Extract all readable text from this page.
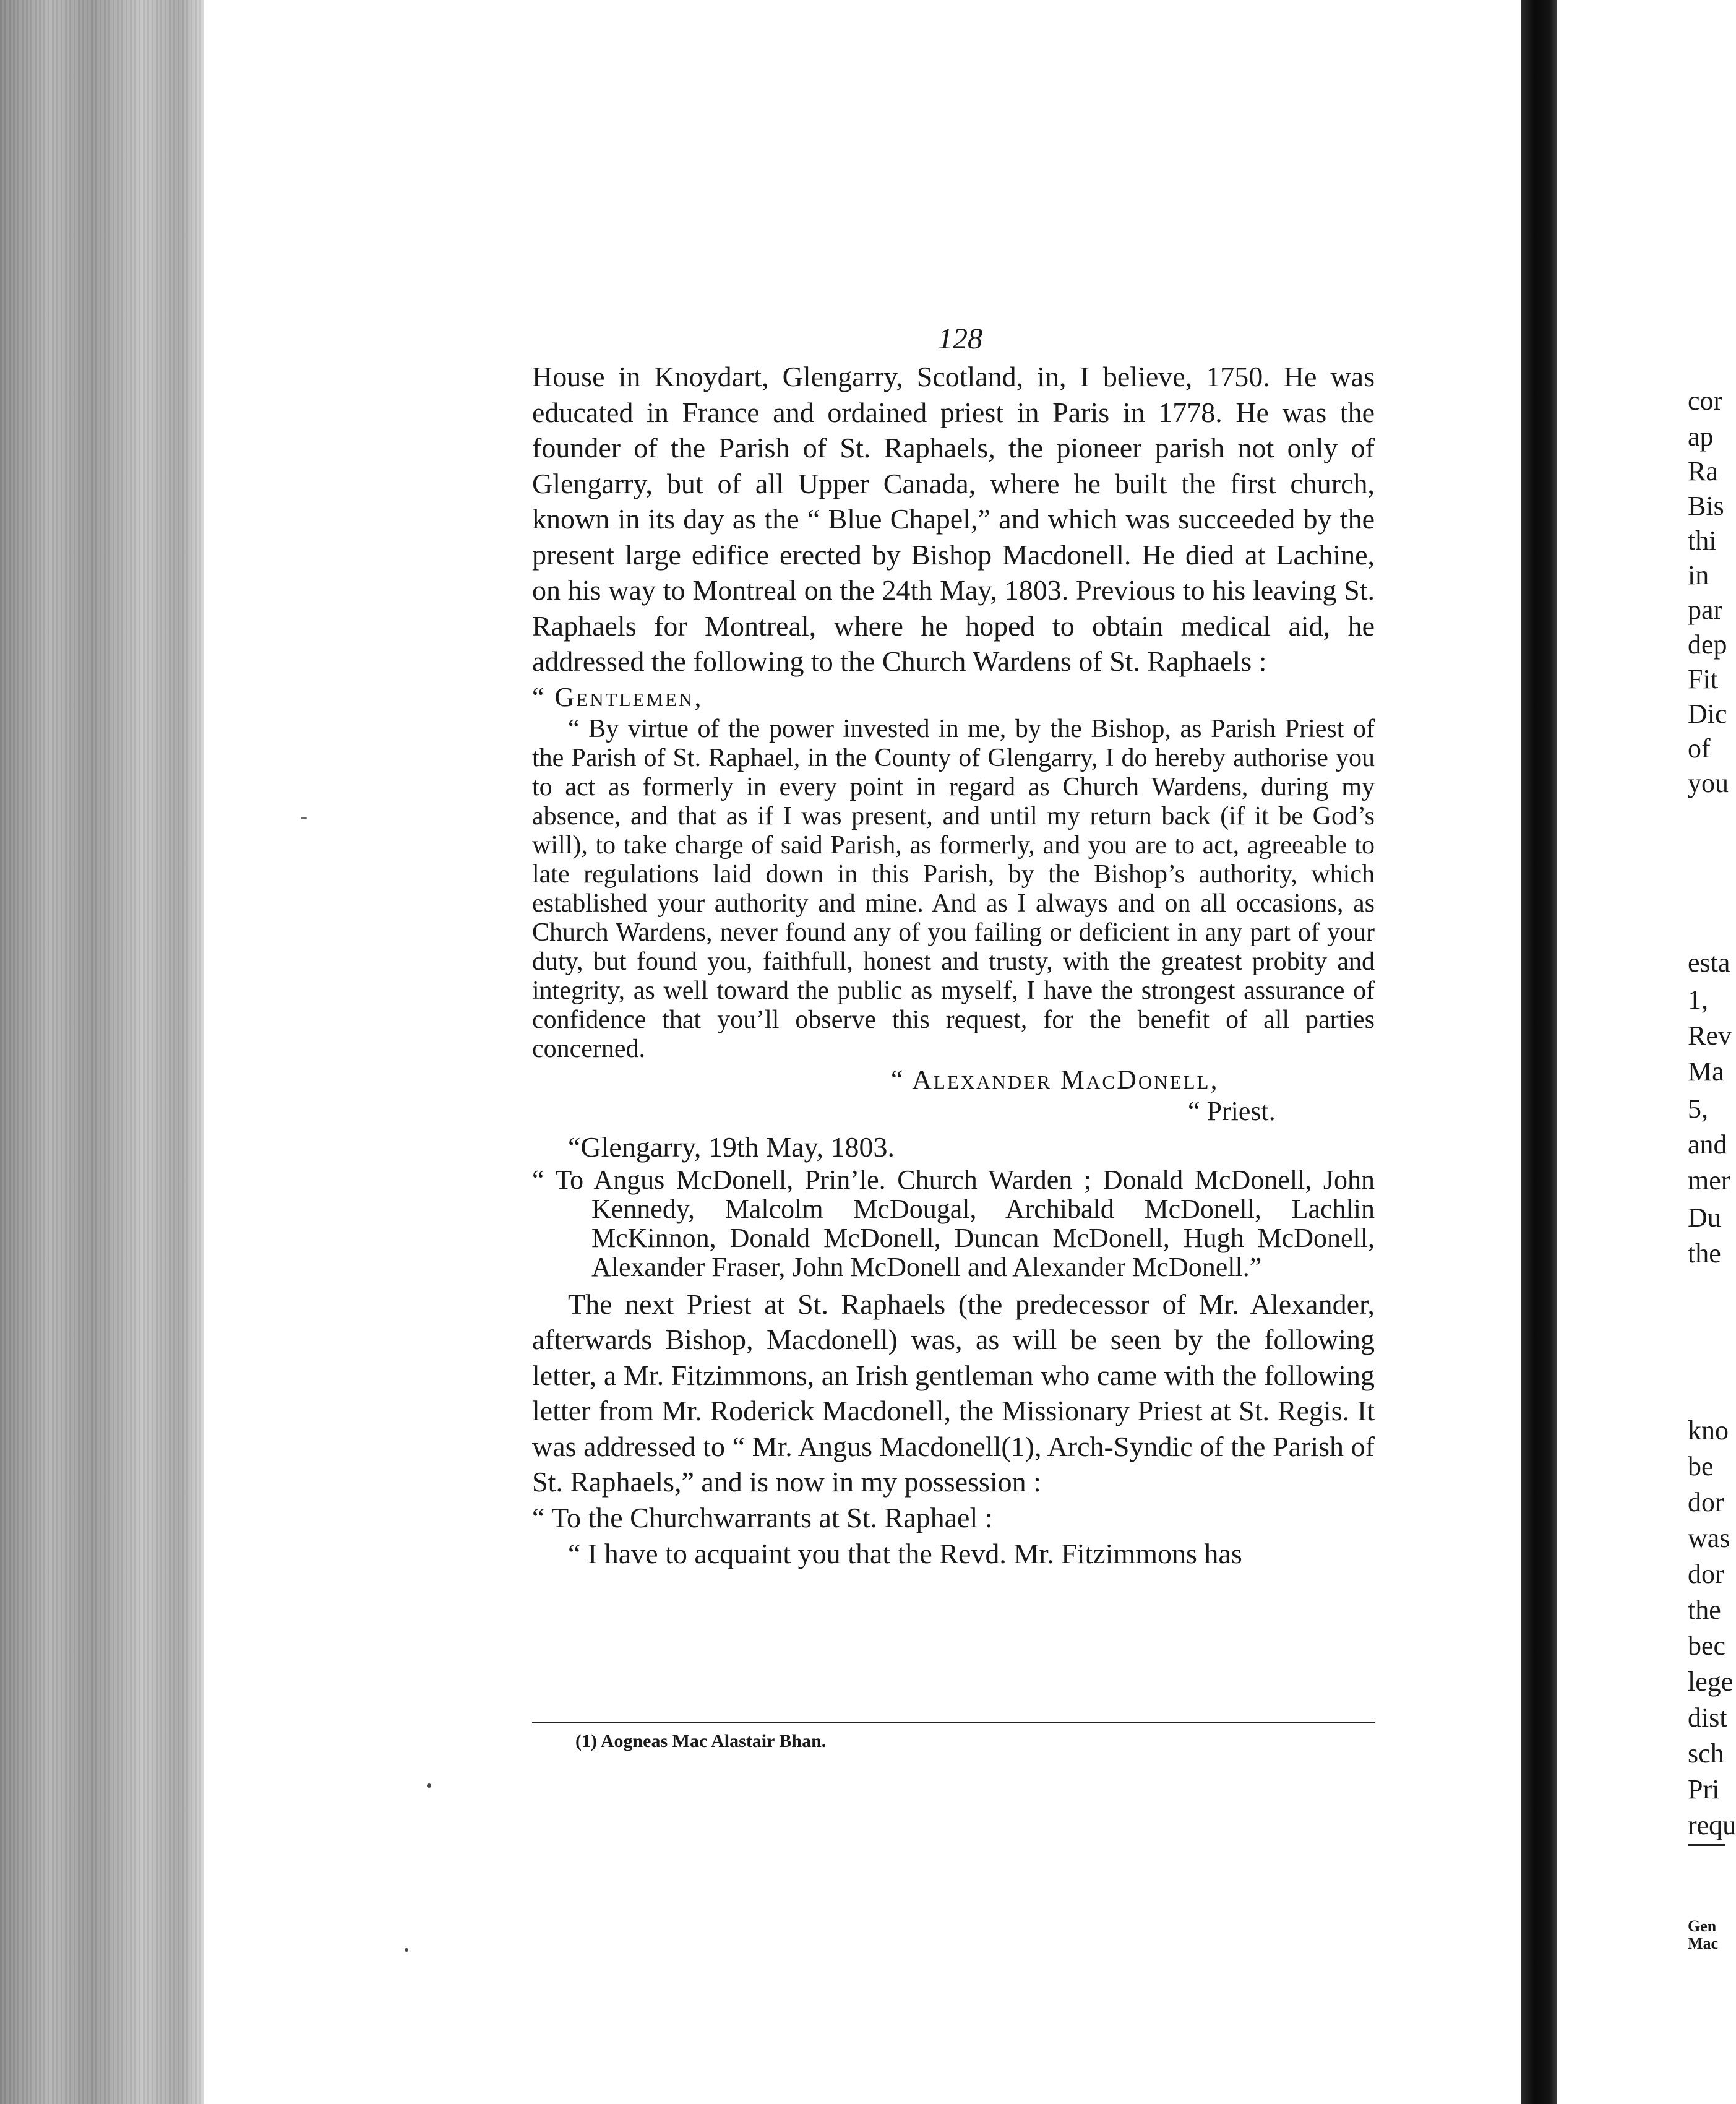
128

House in Knoydart, Glengarry, Scotland, in, I believe, 1750. He was educated in France and ordained priest in Paris in 1778. He was the founder of the Parish of St. Raphaels, the pioneer parish not only of Glengarry, but of all Upper Canada, where he built the first church, known in its day as the “ Blue Chapel,” and which was succeeded by the present large edifice erected by Bishop Macdonell. He died at Lachine, on his way to Montreal on the 24th May, 1803. Previous to his leaving St. Raphaels for Montreal, where he hoped to obtain medical aid, he addressed the following to the Church Wardens of St. Raphaels :

“ Gentlemen,

“ By virtue of the power invested in me, by the Bishop, as Parish Priest of the Parish of St. Raphael, in the County of Glengarry, I do hereby authorise you to act as formerly in every point in regard as Church Wardens, during my absence, and that as if I was present, and until my return back (if it be God’s will), to take charge of said Parish, as formerly, and you are to act, agreeable to late regulations laid down in this Parish, by the Bishop’s authority, which established your authority and mine. And as I always and on all occasions, as Church Wardens, never found any of you failing or deficient in any part of your duty, but found you, faithfull, honest and trusty, with the greatest probity and integrity, as well toward the public as myself, I have the strongest assurance of confidence that you’ll observe this request, for the benefit of all parties concerned.

“ Alexander MacDonell,

“ Priest.

“Glengarry, 19th May, 1803.

“ To Angus McDonell, Prin’le. Church Warden ; Donald McDonell, John Kennedy, Malcolm McDougal, Archibald McDonell, Lachlin McKinnon, Donald McDonell, Duncan McDonell, Hugh McDonell, Alexander Fraser, John McDonell and Alexander McDonell.”

The next Priest at St. Raphaels (the predecessor of Mr. Alexander, afterwards Bishop, Macdonell) was, as will be seen by the following letter, a Mr. Fitzimmons, an Irish gentleman who came with the following letter from Mr. Roderick Macdonell, the Missionary Priest at St. Regis. It was addressed to “ Mr. Angus Macdonell(1), Arch-Syndic of the Parish of St. Raphaels,” and is now in my possession :

“ To the Churchwarrants at St. Raphael :

“ I have to acquaint you that the Revd. Mr. Fitzimmons has

(1) Aogneas Mac Alastair Bhan.
cor
ap
Ra
Bis
thi
in
par
dep
Fit
Dic
of
you
esta
1,
Rev
Ma
5,
and
mer
Du
the
kno
be
dor
was
dor
the
bec
lege
dist
sch
Pri
requ
Gen
Mac
